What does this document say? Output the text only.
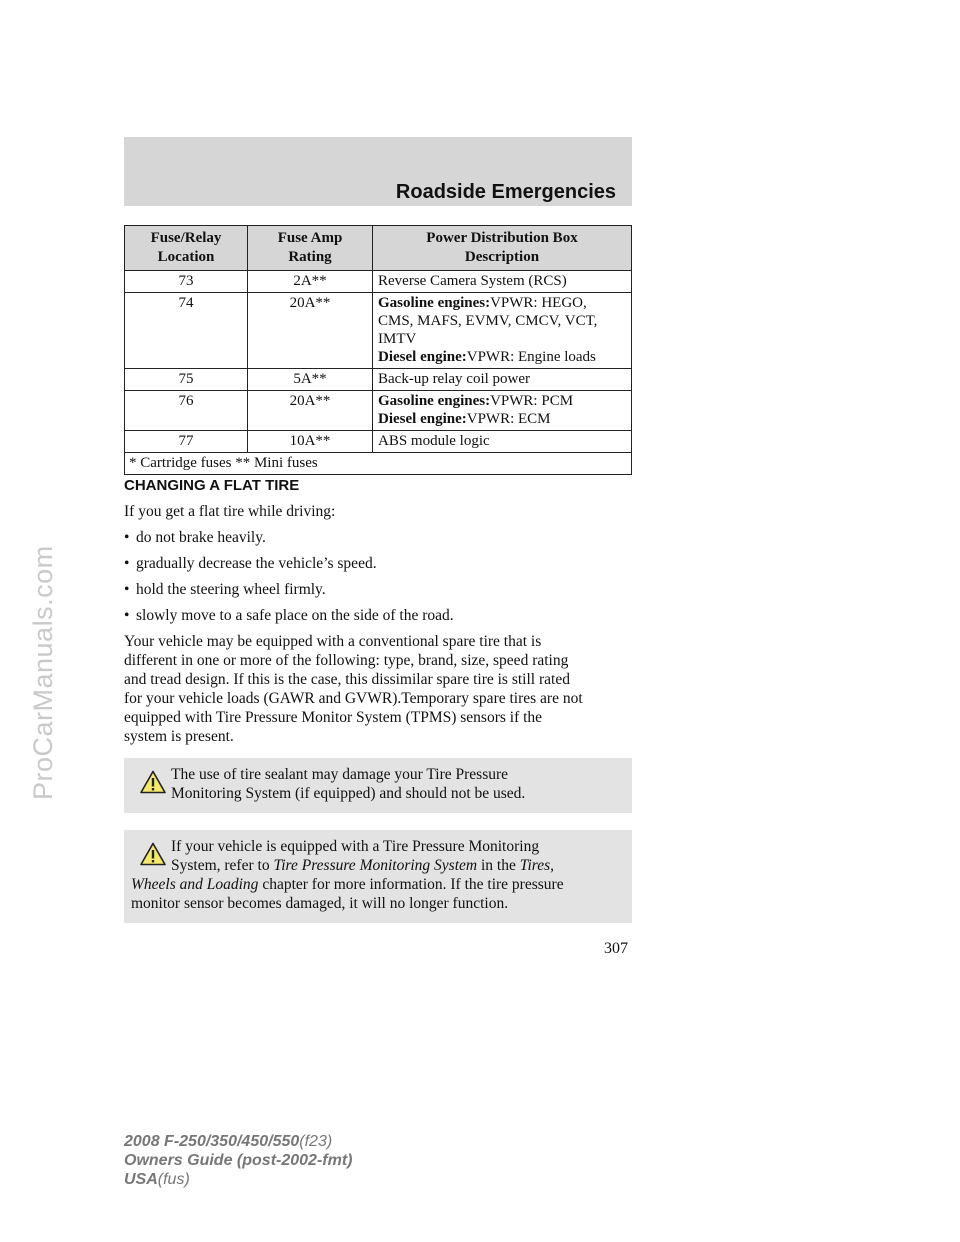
ProCarManuals.com
Roadside Emergencies
Fuse/Relay Location	Fuse Amp Rating	Power Distribution Box Description

73	2A**	Reverse Camera System (RCS)
74	20A**	Gasoline engines:VPWR: HEGO,
CMS, MAFS, EVMV, CMCV, VCT,
IMTV
Diesel engine:VPWR: Engine loads

75	5A**	Back-up relay coil power
76	20A**	Gasoline engines:VPWR: PCM
Diesel engine:VPWR: ECM

77	10A**	ABS module logic
* Cartridge fuses ** Mini fuses		
CHANGING A FLAT TIRE
If you get a flat tire while driving:
• do not brake heavily.
• gradually decrease the vehicle’s speed.
• hold the steering wheel firmly.
• slowly move to a safe place on the side of the road.
Your vehicle may be equipped with a conventional spare tire that is
different in one or more of the following: type, brand, size, speed rating
and tread design. If this is the case, this dissimilar spare tire is still rated
for your vehicle loads (GAWR and GVWR).Temporary spare tires are not
equipped with Tire Pressure Monitor System (TPMS) sensors if the
system is present.
The use of tire sealant may damage your Tire Pressure
Monitoring System (if equipped) and should not be used.
If your vehicle is equipped with a Tire Pressure Monitoring
System, refer to Tire Pressure Monitoring System in the Tires,
Wheels and Loading chapter for more information. If the tire pressure
monitor sensor becomes damaged, it will no longer function.
307
2008 F-250/350/450/550(f23)
Owners Guide (post-2002-fmt)
USA(fus)
